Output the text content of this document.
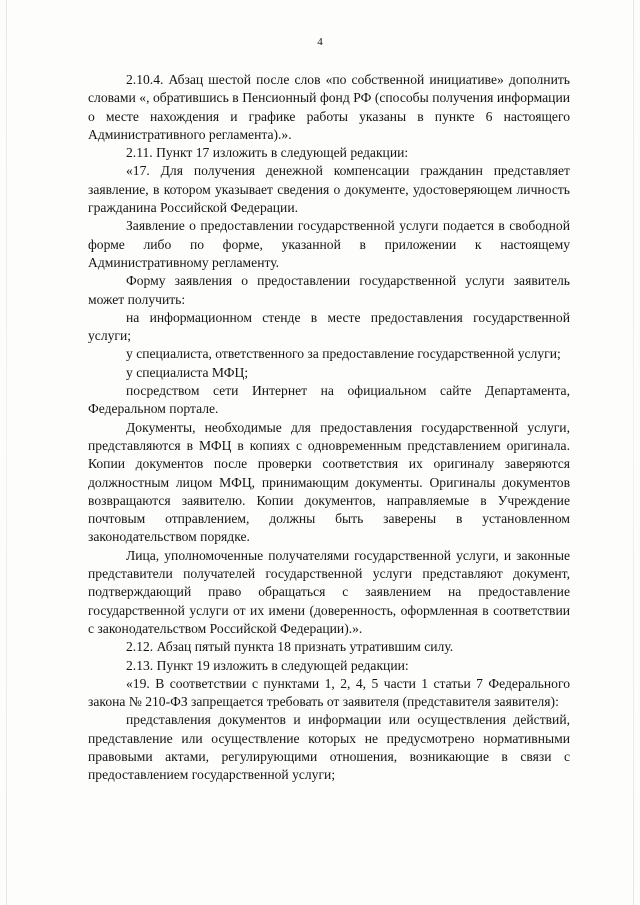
4

2.10.4. Абзац шестой после слов «по собственной инициативе» дополнить словами «, обратившись в Пенсионный фонд РФ (способы получения информации о месте нахождения и графике работы указаны в пункте 6 настоящего Административного регламента).».

2.11. Пункт 17 изложить в следующей редакции:

«17. Для получения денежной компенсации гражданин представляет заявление, в котором указывает сведения о документе, удостоверяющем личность гражданина Российской Федерации.

Заявление о предоставлении государственной услуги подается в свободной форме либо по форме, указанной в приложении к настоящему Административному регламенту.

Форму заявления о предоставлении государственной услуги заявитель может получить:

на информационном стенде в месте предоставления государственной услуги;

у специалиста, ответственного за предоставление государственной услуги;

у специалиста МФЦ;

посредством сети Интернет на официальном сайте Департамента, Федеральном портале.

Документы, необходимые для предоставления государственной услуги, представляются в МФЦ в копиях с одновременным представлением оригинала. Копии документов после проверки соответствия их оригиналу заверяются должностным лицом МФЦ, принимающим документы. Оригиналы документов возвращаются заявителю. Копии документов, направляемые в Учреждение почтовым отправлением, должны быть заверены в установленном законодательством порядке.

Лица, уполномоченные получателями государственной услуги, и законные представители получателей государственной услуги представляют документ, подтверждающий право обращаться с заявлением на предоставление государственной услуги от их имени (доверенность, оформленная в соответствии с законодательством Российской Федерации).».

2.12. Абзац пятый пункта 18 признать утратившим силу.

2.13. Пункт 19 изложить в следующей редакции:

«19. В соответствии с пунктами 1, 2, 4, 5 части 1 статьи 7 Федерального закона № 210-ФЗ запрещается требовать от заявителя (представителя заявителя):

представления документов и информации или осуществления действий, представление или осуществление которых не предусмотрено нормативными правовыми актами, регулирующими отношения, возникающие в связи с предоставлением государственной услуги;
